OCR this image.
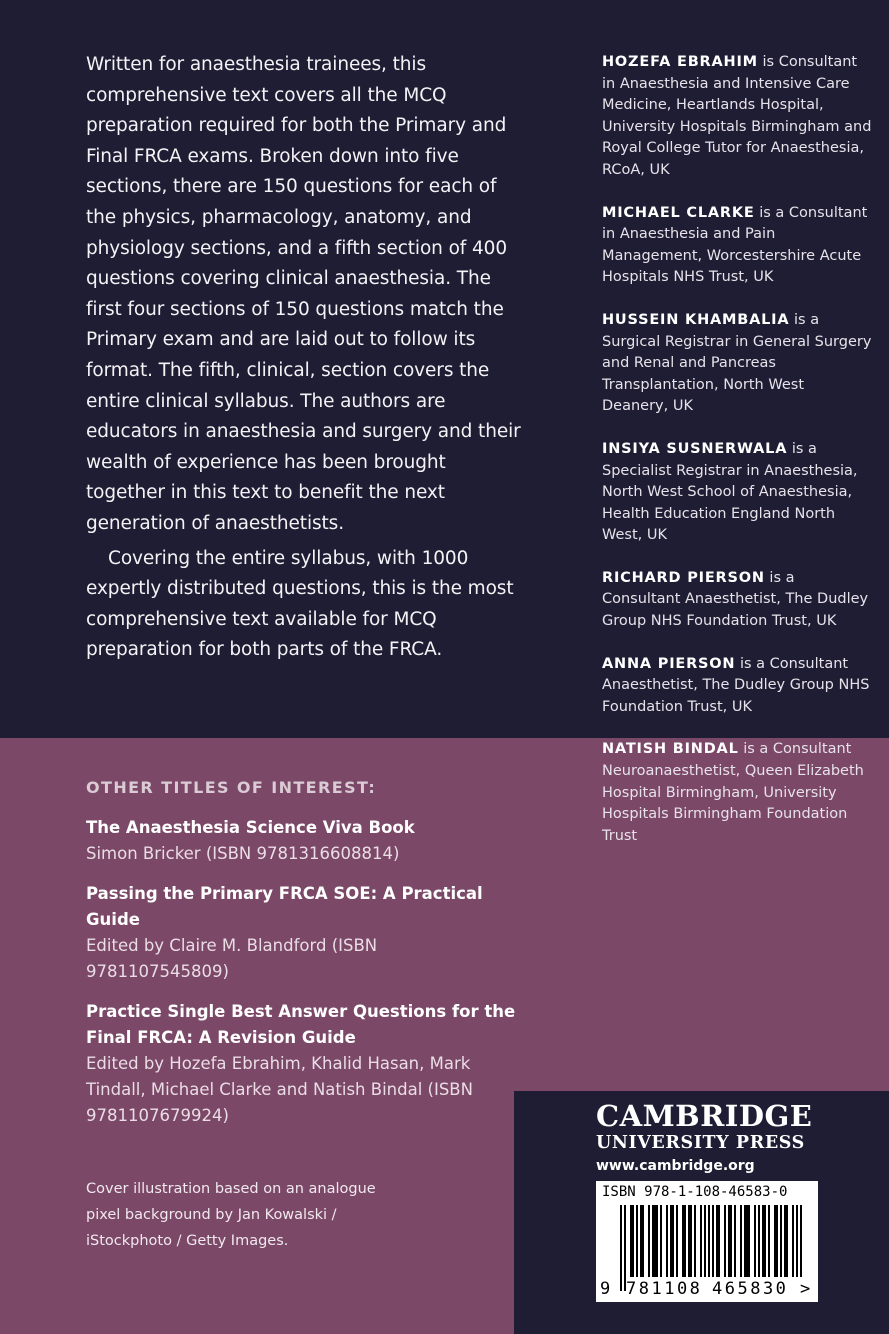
Written for anaesthesia trainees, this comprehensive text covers all the MCQ preparation required for both the Primary and Final FRCA exams. Broken down into five sections, there are 150 questions for each of the physics, pharmacology, anatomy, and physiology sections, and a fifth section of 400 questions covering clinical anaesthesia. The first four sections of 150 questions match the Primary exam and are laid out to follow its format. The fifth, clinical, section covers the entire clinical syllabus. The authors are educators in anaesthesia and surgery and their wealth of experience has been brought together in this text to benefit the next generation of anaesthetists.

Covering the entire syllabus, with 1000 expertly distributed questions, this is the most comprehensive text available for MCQ preparation for both parts of the FRCA.

HOZEFA EBRAHIM is Consultant in Anaesthesia and Intensive Care Medicine, Heartlands Hospital, University Hospitals Birmingham and Royal College Tutor for Anaesthesia, RCoA, UK
MICHAEL CLARKE is a Consultant in Anaesthesia and Pain Management, Worcestershire Acute Hospitals NHS Trust, UK
HUSSEIN KHAMBALIA is a Surgical Registrar in General Surgery and Renal and Pancreas Transplantation, North West Deanery, UK
INSIYA SUSNERWALA is a Specialist Registrar in Anaesthesia, North West School of Anaesthesia, Health Education England North West, UK
RICHARD PIERSON is a Consultant Anaesthetist, The Dudley Group NHS Foundation Trust, UK
ANNA PIERSON is a Consultant Anaesthetist, The Dudley Group NHS Foundation Trust, UK
NATISH BINDAL is a Consultant Neuroanaesthetist, Queen Elizabeth Hospital Birmingham, University Hospitals Birmingham Foundation Trust
OTHER TITLES OF INTEREST:
The Anaesthesia Science Viva Book
Simon Bricker (ISBN 9781316608814)
Passing the Primary FRCA SOE: A Practical Guide
Edited by Claire M. Blandford (ISBN 9781107545809)
Practice Single Best Answer Questions for the Final FRCA: A Revision Guide
Edited by Hozefa Ebrahim, Khalid Hasan, Mark Tindall, Michael Clarke and Natish Bindal (ISBN 9781107679924)
Cover illustration based on an analogue pixel background by Jan Kowalski / iStockphoto / Getty Images.
CAMBRIDGE
UNIVERSITY PRESS
www.cambridge.org
ISBN 978-1-108-46583-0
9 781108 465830 >
